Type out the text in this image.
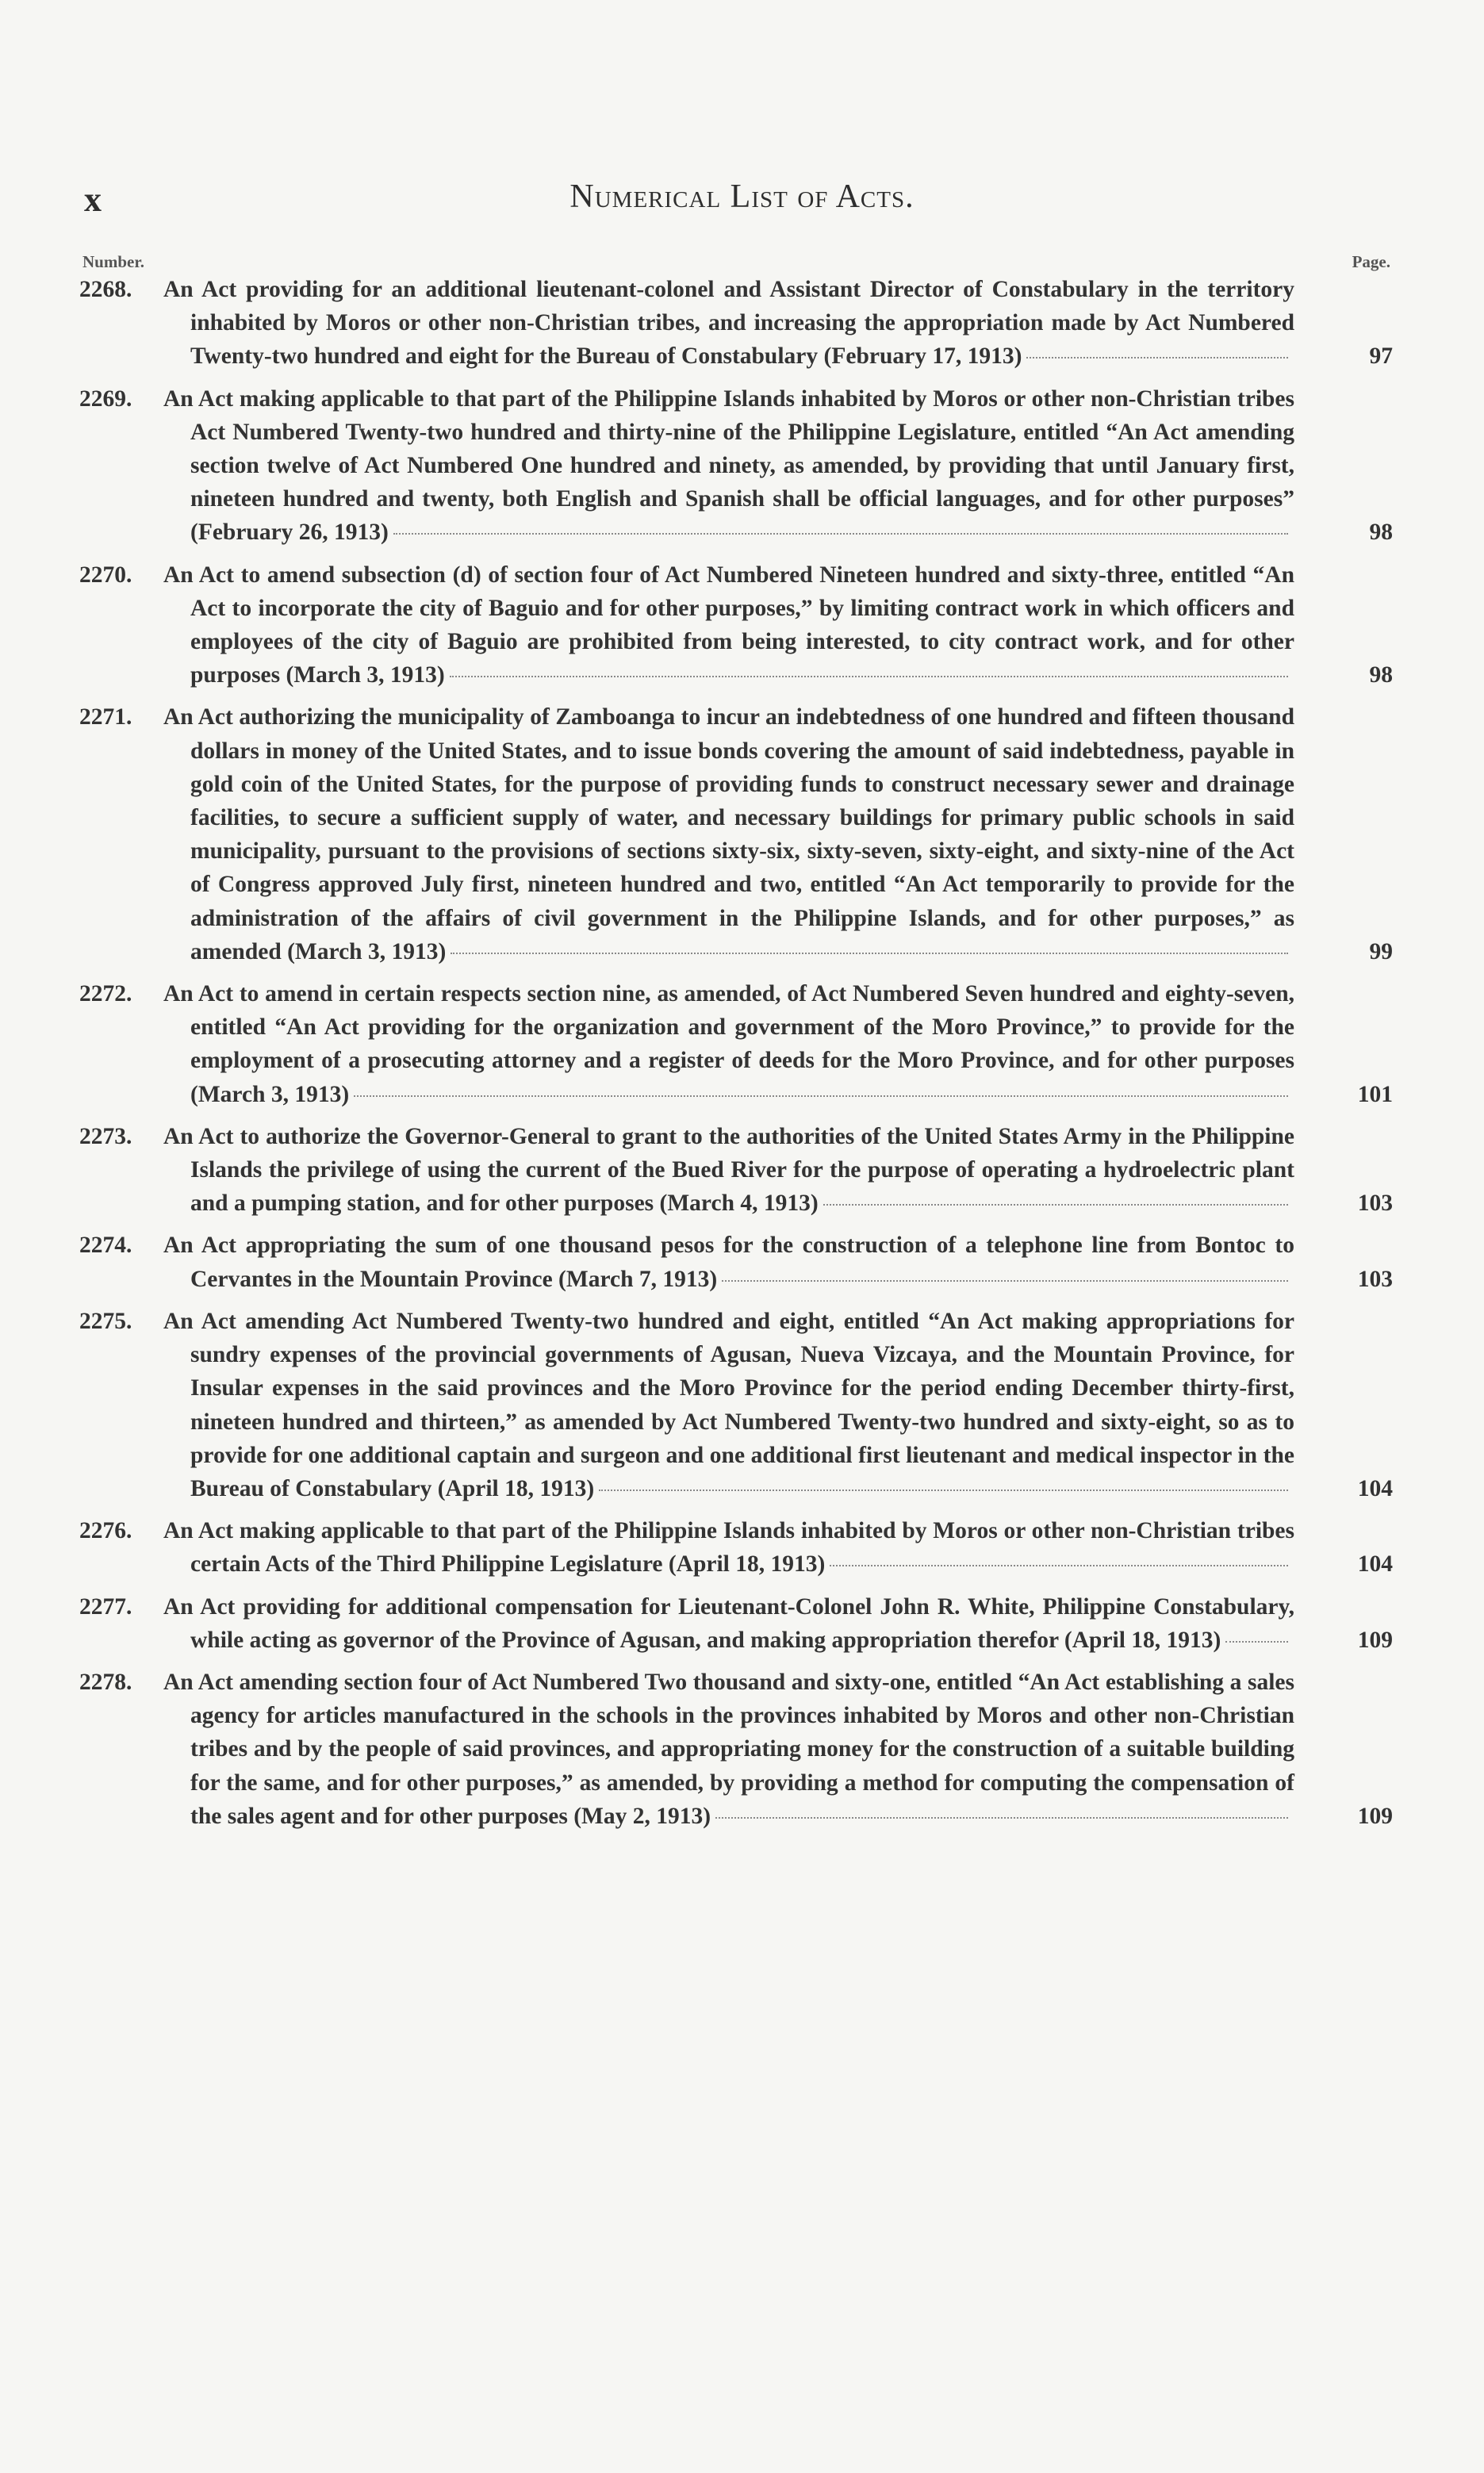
x	Numerical List of Acts.
Number.	Page.
2268. An Act providing for an additional lieutenant-colonel and Assistant Director of Constabulary in the territory inhabited by Moros or other non-Christian tribes, and increasing the appropriation made by Act Numbered Twenty-two hundred and eight for the Bureau of Constabulary (February 17, 1913)	97
2269. An Act making applicable to that part of the Philippine Islands inhabited by Moros or other non-Christian tribes Act Numbered Twenty-two hundred and thirty-nine of the Philippine Legislature, entitled “An Act amending section twelve of Act Numbered One hundred and ninety, as amended, by providing that until January first, nineteen hundred and twenty, both English and Spanish shall be official languages, and for other purposes” (February 26, 1913)	98
2270. An Act to amend subsection (d) of section four of Act Numbered Nineteen hundred and sixty-three, entitled “An Act to incorporate the city of Baguio and for other purposes,” by limiting contract work in which officers and employees of the city of Baguio are prohibited from being interested, to city contract work, and for other purposes (March 3, 1913)	98
2271. An Act authorizing the municipality of Zamboanga to incur an indebtedness of one hundred and fifteen thousand dollars in money of the United States, and to issue bonds covering the amount of said indebtedness, payable in gold coin of the United States, for the purpose of providing funds to construct necessary sewer and drainage facilities, to secure a sufficient supply of water, and necessary buildings for primary public schools in said municipality, pursuant to the provisions of sections sixty-six, sixty-seven, sixty-eight, and sixty-nine of the Act of Congress approved July first, nineteen hundred and two, entitled “An Act temporarily to provide for the administration of the affairs of civil government in the Philippine Islands, and for other purposes,” as amended (March 3, 1913)	99
2272. An Act to amend in certain respects section nine, as amended, of Act Numbered Seven hundred and eighty-seven, entitled “An Act providing for the organization and government of the Moro Province,” to provide for the employment of a prosecuting attorney and a register of deeds for the Moro Province, and for other purposes (March 3, 1913)	101
2273. An Act to authorize the Governor-General to grant to the authorities of the United States Army in the Philippine Islands the privilege of using the current of the Bued River for the purpose of operating a hydroelectric plant and a pumping station, and for other purposes (March 4, 1913)	103
2274. An Act appropriating the sum of one thousand pesos for the construction of a telephone line from Bontoc to Cervantes in the Mountain Province (March 7, 1913)	103
2275. An Act amending Act Numbered Twenty-two hundred and eight, entitled “An Act making appropriations for sundry expenses of the provincial governments of Agusan, Nueva Vizcaya, and the Mountain Province, for Insular expenses in the said provinces and the Moro Province for the period ending December thirty-first, nineteen hundred and thirteen,” as amended by Act Numbered Twenty-two hundred and sixty-eight, so as to provide for one additional captain and surgeon and one additional first lieutenant and medical inspector in the Bureau of Constabulary (April 18, 1913)	104
2276. An Act making applicable to that part of the Philippine Islands inhabited by Moros or other non-Christian tribes certain Acts of the Third Philippine Legislature (April 18, 1913)	104
2277. An Act providing for additional compensation for Lieutenant-Colonel John R. White, Philippine Constabulary, while acting as governor of the Province of Agusan, and making appropriation therefor (April 18, 1913)	109
2278. An Act amending section four of Act Numbered Two thousand and sixty-one, entitled “An Act establishing a sales agency for articles manufactured in the schools in the provinces inhabited by Moros and other non-Christian tribes and by the people of said provinces, and appropriating money for the construction of a suitable building for the same, and for other purposes,” as amended, by providing a method for computing the compensation of the sales agent and for other purposes (May 2, 1913)	109
